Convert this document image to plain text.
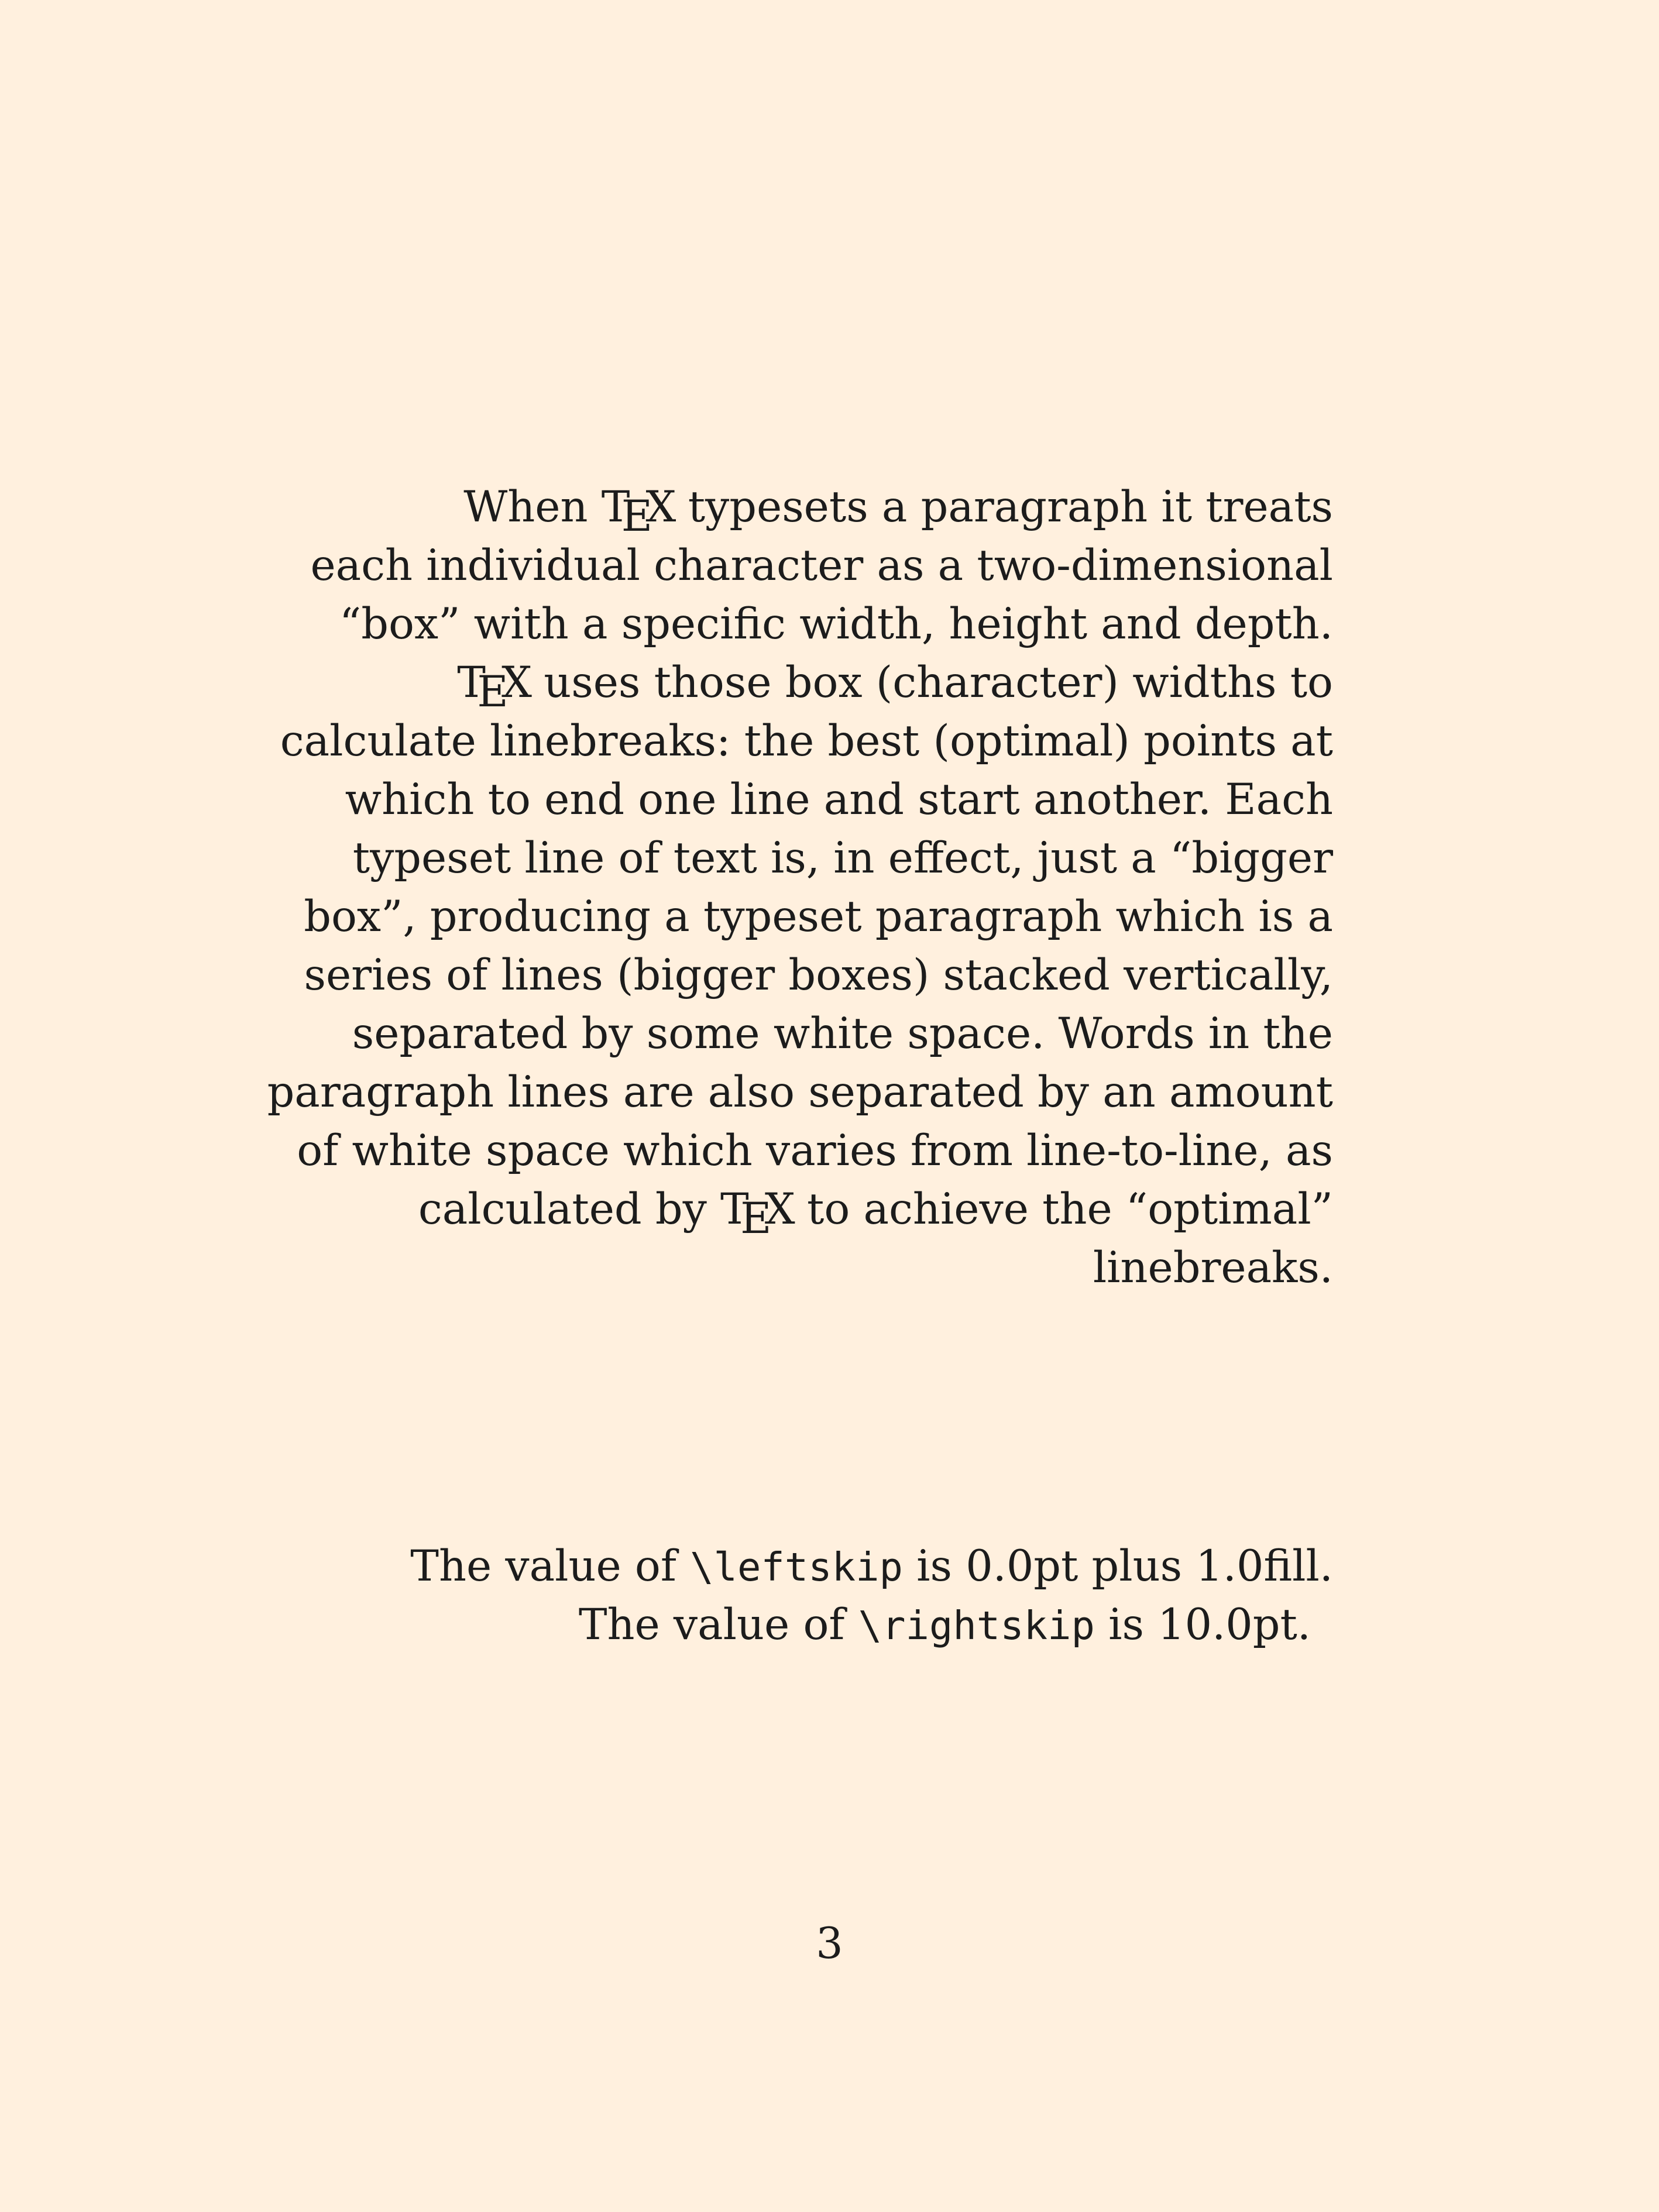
When TEX typesets a paragraph it treats
each individual character as a two-dimensional
“box” with a specific width, height and depth.
TEX uses those box (character) widths to
calculate linebreaks: the best (optimal) points at
which to end one line and start another. Each
typeset line of text is, in effect, just a “bigger
box”, producing a typeset paragraph which is a
series of lines (bigger boxes) stacked vertically,
separated by some white space. Words in the
paragraph lines are also separated by an amount
of white space which varies from line-to-line, as
calculated by TEX to achieve the “optimal”
linebreaks.
The value of \leftskip is 0.0pt plus 1.0fill.
The value of \rightskip is 10.0pt.
3
